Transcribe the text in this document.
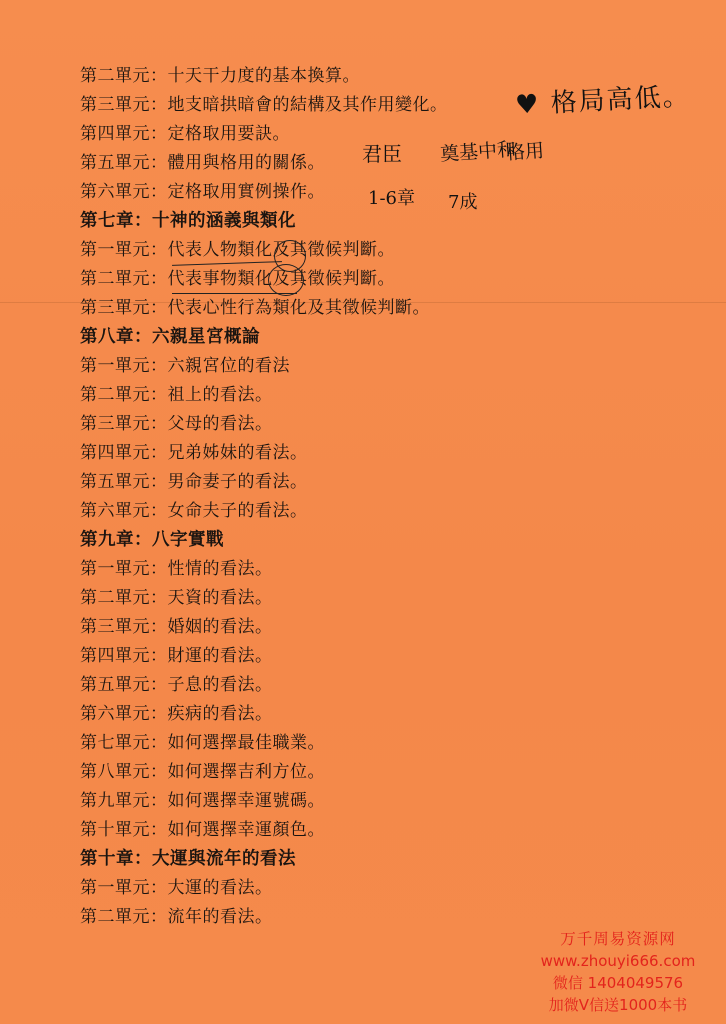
第二單元：十天干力度的基本換算。
第三單元：地支暗拱暗會的結構及其作用變化。
第四單元：定格取用要訣。
第五單元：體用與格用的關係。
第六單元：定格取用實例操作。
第七章：十神的涵義與類化
第一單元：代表人物類化及其徵候判斷。
第二單元：代表事物類化及其徵候判斷。
第三單元：代表心性行為類化及其徵候判斷。
第八章：六親星宮概論
第一單元：六親宮位的看法
第二單元：祖上的看法。
第三單元：父母的看法。
第四單元：兄弟姊妹的看法。
第五單元：男命妻子的看法。
第六單元：女命夫子的看法。
第九章：八字實戰
第一單元：性情的看法。
第二單元：天資的看法。
第三單元：婚姻的看法。
第四單元：財運的看法。
第五單元：子息的看法。
第六單元：疾病的看法。
第七單元：如何選擇最佳職業。
第八單元：如何選擇吉利方位。
第九單元：如何選擇幸運號碼。
第十單元：如何選擇幸運顏色。
第十章：大運與流年的看法
第一單元：大運的看法。
第二單元：流年的看法。
♥ 格局高低。
君臣 奠基中和
格用
1-6章 7成
万千周易资源网
www.zhouyi666.com
微信 1404049576
加微V信送1000本书
